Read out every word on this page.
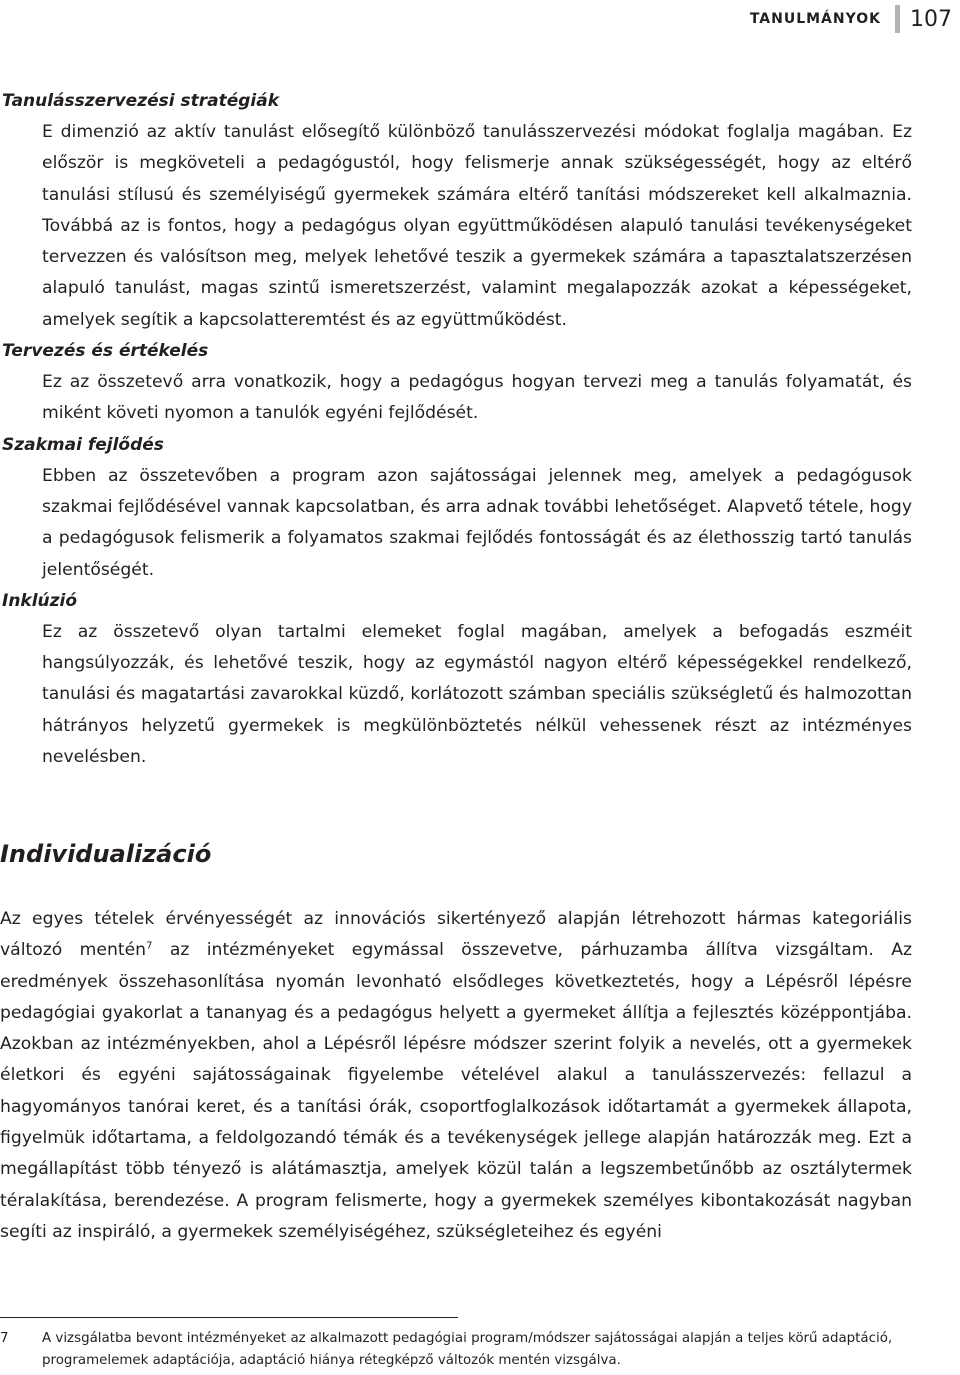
TANULMÁNYOK 107
Tanulásszervezési stratégiák

E dimenzió az aktív tanulást elősegítő különböző tanulásszervezési módokat foglalja magában. Ez először is megköveteli a pedagógustól, hogy felismerje annak szükségességét, hogy az eltérő tanulási stílusú és személyiségű gyermekek számára eltérő tanítási módszereket kell alkalmaznia. Továbbá az is fontos, hogy a pedagógus olyan együttműködésen alapuló tanulási tevékenységeket tervezzen és valósítson meg, melyek lehetővé teszik a gyermekek számára a tapasztalatszerzésen alapuló tanulást, magas szintű ismeretszerzést, valamint megalapozzák azokat a képességeket, amelyek segítik a kapcsolatteremtést és az együttműködést.

Tervezés és értékelés

Ez az összetevő arra vonatkozik, hogy a pedagógus hogyan tervezi meg a tanulás folyamatát, és miként követi nyomon a tanulók egyéni fejlődését.

Szakmai fejlődés

Ebben az összetevőben a program azon sajátosságai jelennek meg, amelyek a pedagógusok szakmai fejlődésével vannak kapcsolatban, és arra adnak további lehetőséget. Alapvető tétele, hogy a pedagógusok felismerik a folyamatos szakmai fejlődés fontosságát és az élethosszig tartó tanulás jelentőségét.

Inklúzió

Ez az összetevő olyan tartalmi elemeket foglal magában, amelyek a befogadás eszméit hangsúlyozzák, és lehetővé teszik, hogy az egymástól nagyon eltérő képességekkel rendelkező, tanulási és magatartási zavarokkal küzdő, korlátozott számban speciális szükségletű és halmozottan hátrányos helyzetű gyermekek is megkülönböztetés nélkül vehessenek részt az intézményes nevelésben.

Individualizáció

Az egyes tételek érvényességét az innovációs sikertényező alapján létrehozott hármas kategoriális változó mentén$^7$ az intézményeket egymással összevetve, párhuzamba állítva vizsgáltam. Az eredmények összehasonlítása nyomán levonható elsődleges következtetés, hogy a Lépésről lépésre pedagógiai gyakorlat a tananyag és a pedagógus helyett a gyermeket állítja a fejlesztés középpontjába. Azokban az intézményekben, ahol a Lépésről lépésre módszer szerint folyik a nevelés, ott a gyermekek életkori és egyéni sajátosságainak figyelembe vételével alakul a tanulásszervezés: fellazul a hagyományos tanórai keret, és a tanítási órák, csoportfoglalkozások időtartamát a gyermekek állapota, figyelmük időtartama, a feldolgozandó témák és a tevékenységek jellege alapján határozzák meg. Ezt a megállapítást több tényező is alátámasztja, amelyek közül talán a legszembetűnőbb az osztálytermek téralakítása, berendezése. A program felismerte, hogy a gyermekek személyes kibontakozását nagyban segíti az inspiráló, a gyermekek személyiségéhez, szükségleteihez és egyéni

7 A vizsgálatba bevont intézményeket az alkalmazott pedagógiai program/módszer sajátosságai alapján a teljes körű adaptáció, programelemek adaptációja, adaptáció hiánya rétegképző változók mentén vizsgálva.
